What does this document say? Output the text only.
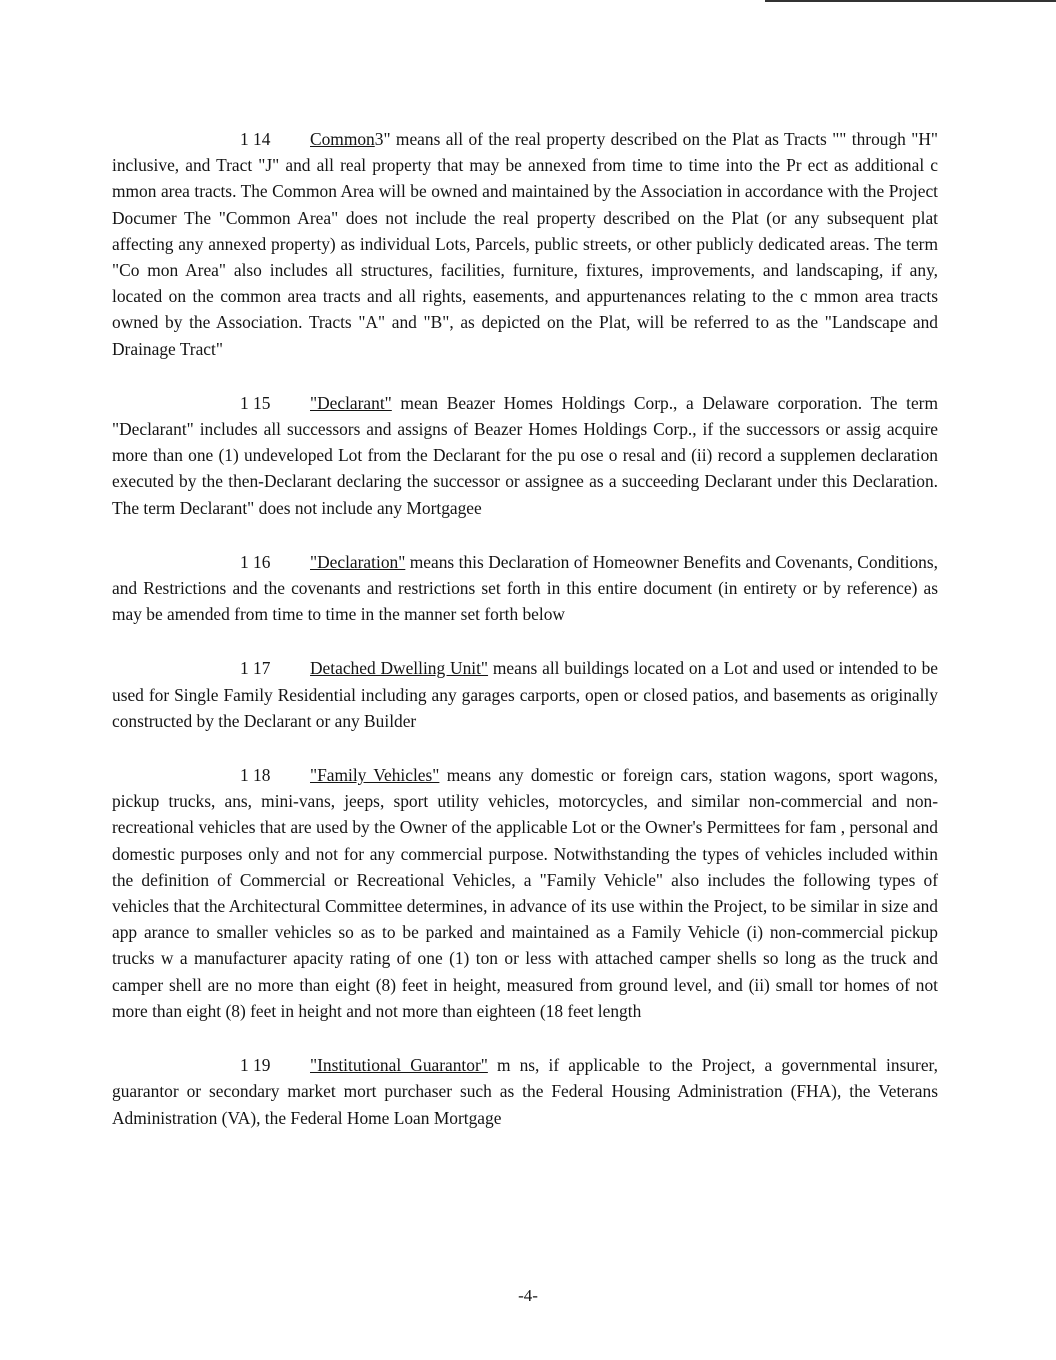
1 14 Common3" means all of the real property described on the Plat as Tracts "" through "H" inclusive, and Tract "J" and all real property that may be annexed from time to time into the Pr ect as additional c mmon area tracts. The Common Area will be owned and maintained by the Association in accordance with the Project Documer The "Common Area" does not include the real property described on the Plat (or any subsequent plat affecting any annexed property) as individual Lots, Parcels, public streets, or other publicly dedicated areas. The term "Co mon Area" also includes all structures, facilities, furniture, fixtures, improvements, and landscaping, if any, located on the common area tracts and all rights, easements, and appurtenances relating to the c mmon area tracts owned by the Association. Tracts "A" and "B", as depicted on the Plat, will be referred to as the "Landscape and Drainage Tract"

1 15 "Declarant" mean Beazer Homes Holdings Corp., a Delaware corporation. The term "Declarant" includes all successors and assigns of Beazer Homes Holdings Corp., if the successors or assig acquire more than one (1) undeveloped Lot from the Declarant for the pu ose o resal and (ii) record a supplemen declaration executed by the then-Declarant declaring the successor or assignee as a succeeding Declarant under this Declaration. The term Declarant" does not include any Mortgagee

1 16 "Declaration" means this Declaration of Homeowner Benefits and Covenants, Conditions, and Restrictions and the covenants and restrictions set forth in this entire document (in entirety or by reference) as may be amended from time to time in the manner set forth below

1 17 Detached Dwelling Unit" means all buildings located on a Lot and used or intended to be used for Single Family Residential including any garages carports, open or closed patios, and basements as originally constructed by the Declarant or any Builder

1 18 "Family Vehicles" means any domestic or foreign cars, station wagons, sport wagons, pickup trucks, ans, mini-vans, jeeps, sport utility vehicles, motorcycles, and similar non-commercial and non-recreational vehicles that are used by the Owner of the applicable Lot or the Owner's Permittees for fam , personal and domestic purposes only and not for any commercial purpose. Notwithstanding the types of vehicles included within the definition of Commercial or Recreational Vehicles, a "Family Vehicle" also includes the following types of vehicles that the Architectural Committee determines, in advance of its use within the Project, to be similar in size and app arance to smaller vehicles so as to be parked and maintained as a Family Vehicle (i) non-commercial pickup trucks w a manufacturer apacity rating of one (1) ton or less with attached camper shells so long as the truck and camper shell are no more than eight (8) feet in height, measured from ground level, and (ii) small tor homes of not more than eight (8) feet in height and not more than eighteen (18 feet length

1 19 "Institutional Guarantor" m ns, if applicable to the Project, a governmental insurer, guarantor or secondary market mort purchaser such as the Federal Housing Administration (FHA), the Veterans Administration (VA), the Federal Home Loan Mortgage

-4-
